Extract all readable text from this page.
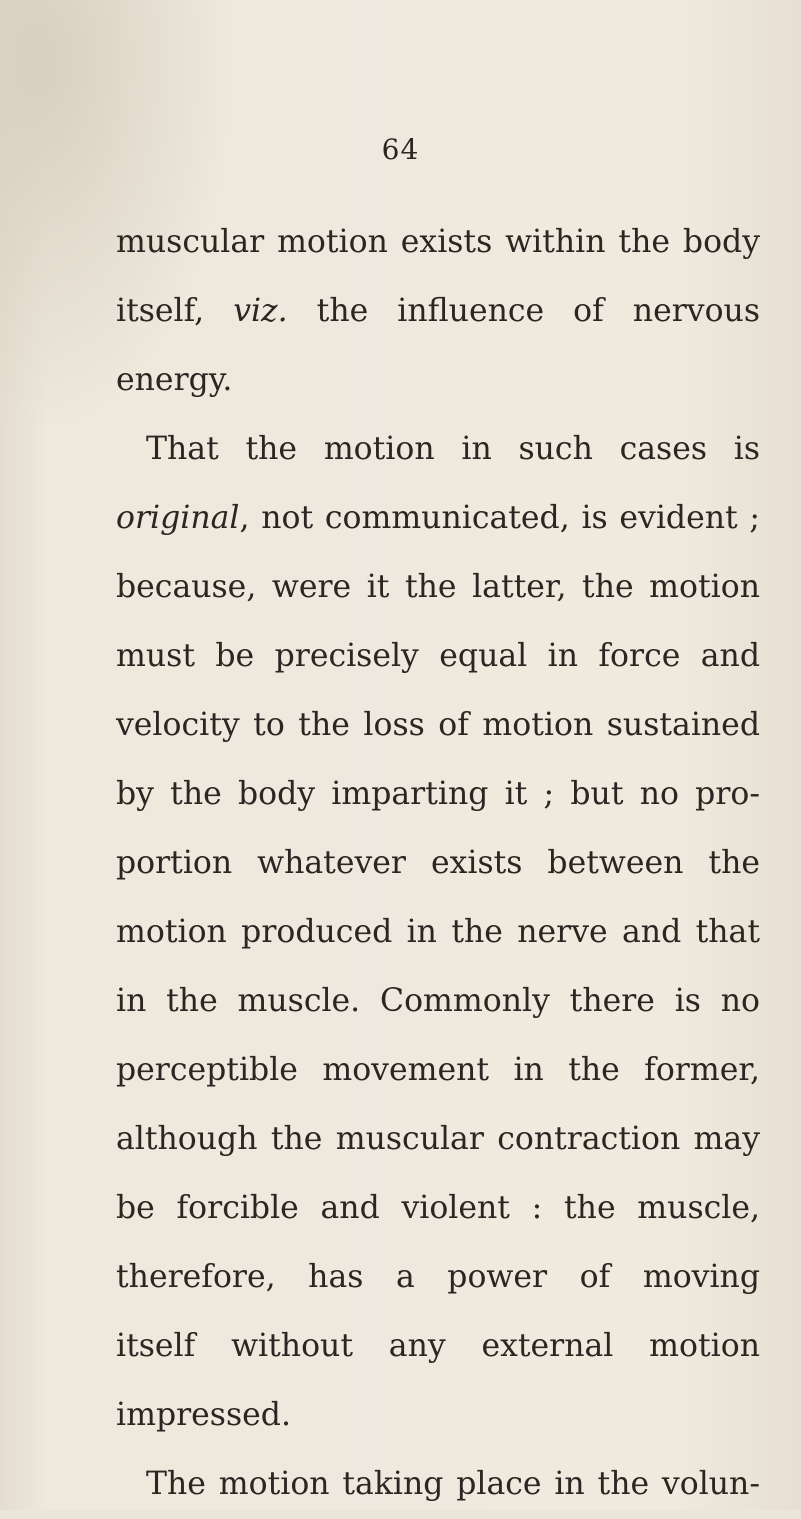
64
muscular motion exists within the body
itself, viz. the influence of nervous
energy.
That the motion in such cases is
original, not communicated, is evident ;
because, were it the latter, the motion
must be precisely equal in force and
velocity to the loss of motion sustained
by the body imparting it ; but no pro-
portion whatever exists between the
motion produced in the nerve and that
in the muscle. Commonly there is no
perceptible movement in the former,
although the muscular contraction may
be forcible and violent : the muscle,
therefore, has a power of moving
itself without any external motion
impressed.
The motion taking place in the volun-
